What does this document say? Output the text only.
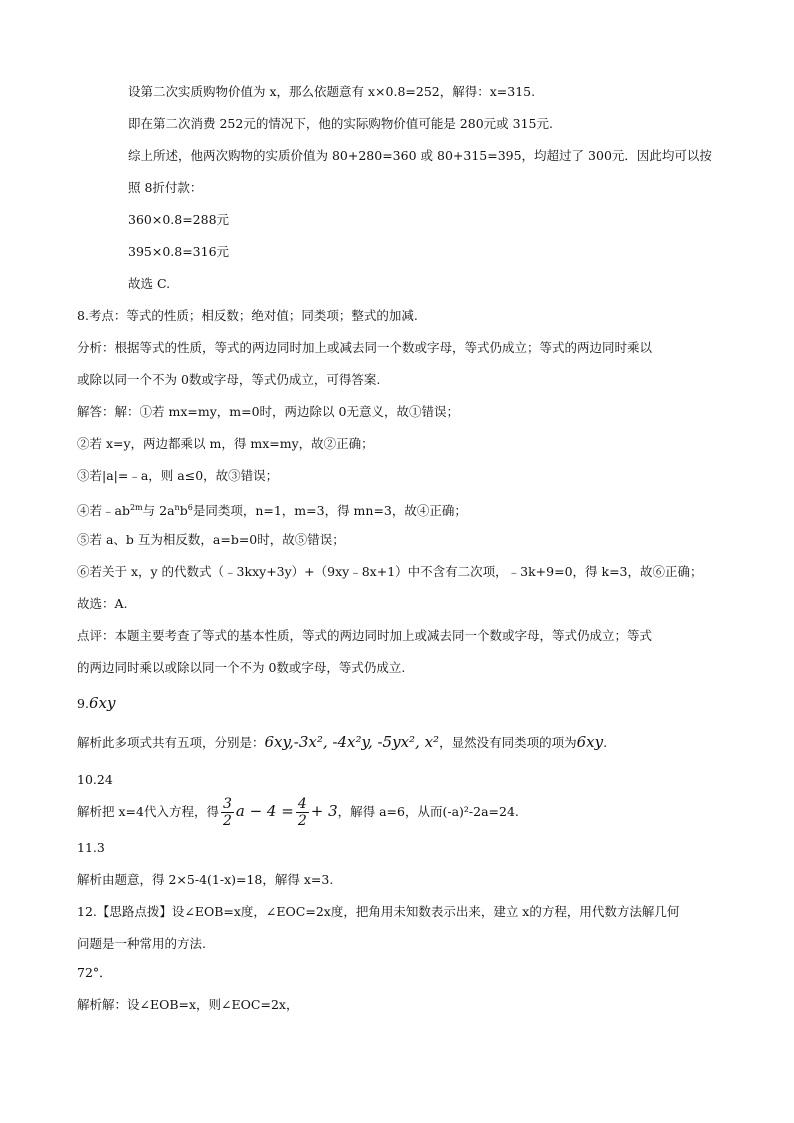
设第二次实质购物价值为 x，那么依题意有 x×0.8=252，解得：x=315.
即在第二次消费 252元的情况下，他的实际购物价值可能是 280元或 315元.
综上所述，他两次购物的实质价值为 80+280=360 或 80+315=395，均超过了 300元．因此均可以按
照 8折付款：
360×0.8=288元
395×0.8=316元
故选 C.
8.考点：等式的性质；相反数；绝对值；同类项；整式的加减.
分析：根据等式的性质，等式的两边同时加上或减去同一个数或字母，等式仍成立；等式的两边同时乘以
或除以同一个不为 0数或字母，等式仍成立，可得答案.
解答：解：①若 mx=my，m=0时，两边除以 0无意义，故①错误；
②若 x=y，两边都乘以 m，得 mx=my，故②正确；
③若|a|=﹣a，则 a≤0，故③错误；
④若$﹣ab^{2m}$与 $2a^nb^6$是同类项，n=1，m=3，得 mn=3，故④正确；
⑤若 a、b 互为相反数，a=b=0时，故⑤错误；
⑥若关于 x，y 的代数式（﹣3kxy+3y）+（9xy﹣8x+1）中不含有二次项，﹣3k+9=0，得 k=3，故⑥正确；
故选：A.
点评：本题主要考查了等式的基本性质，等式的两边同时加上或减去同一个数或字母，等式仍成立；等式
的两边同时乘以或除以同一个不为 0数或字母，等式仍成立.
9.6xy
解析此多项式共有五项，分别是：6xy,-3x², -4x²y, -5yx², x²，显然没有同类项的项为6xy.
10.24
解析把 x=4代入方程，得 $\frac{3}{2}$ $a - 4 = \frac{4}{2} + 3$，解得 a=6，从而(-a)²-2a=24.
11.3
解析由题意，得 2×5-4(1-x)=18，解得 x=3.
12.【思路点拨】设∠EOB=x度，∠EOC=2x度，把角用未知数表示出来，建立 x的方程，用代数方法解几何
问题是一种常用的方法.
72°．
解析解：设∠EOB=x，则∠EOC=2x，
